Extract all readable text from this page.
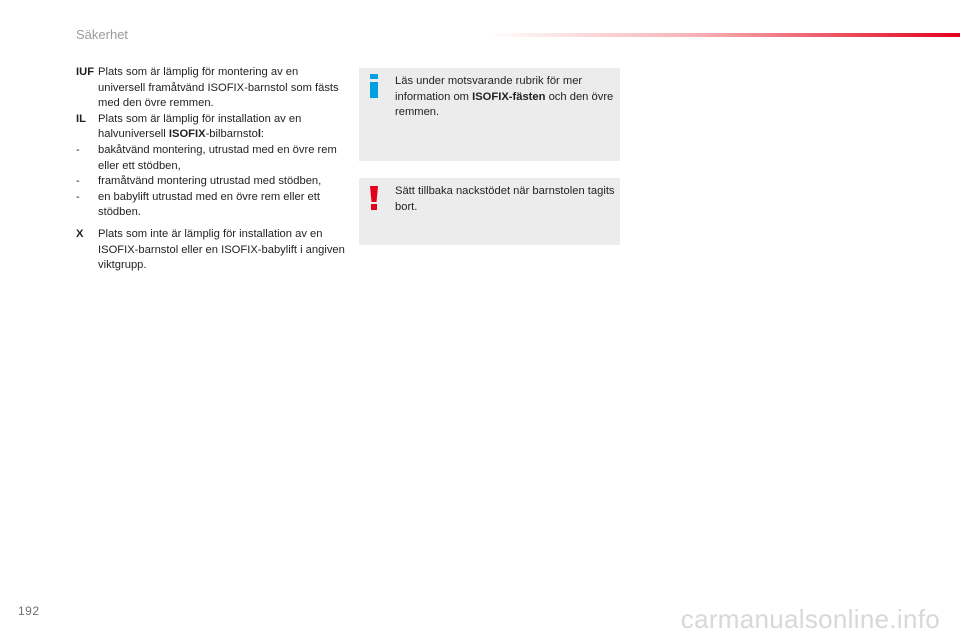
Säkerhet

IUF Plats som är lämplig för montering av en universell framåtvänd ISOFIX-barnstol som fästs med den övre remmen.

IL Plats som är lämplig för installation av en halvuniversell ISOFIX-bilbarnstol:

- bakåtvänd montering, utrustad med en övre rem eller ett stödben,

- framåtvänd montering utrustad med stödben,

- en babylift utrustad med en övre rem eller ett stödben.

X Plats som inte är lämplig för installation av en ISOFIX-barnstol eller en ISOFIX-babylift i angiven viktgrupp.

Läs under motsvarande rubrik för mer information om ISOFIX-fästen och den övre remmen.
Sätt tillbaka nackstödet när barnstolen tagits bort.
192	carmanualsonline.info
